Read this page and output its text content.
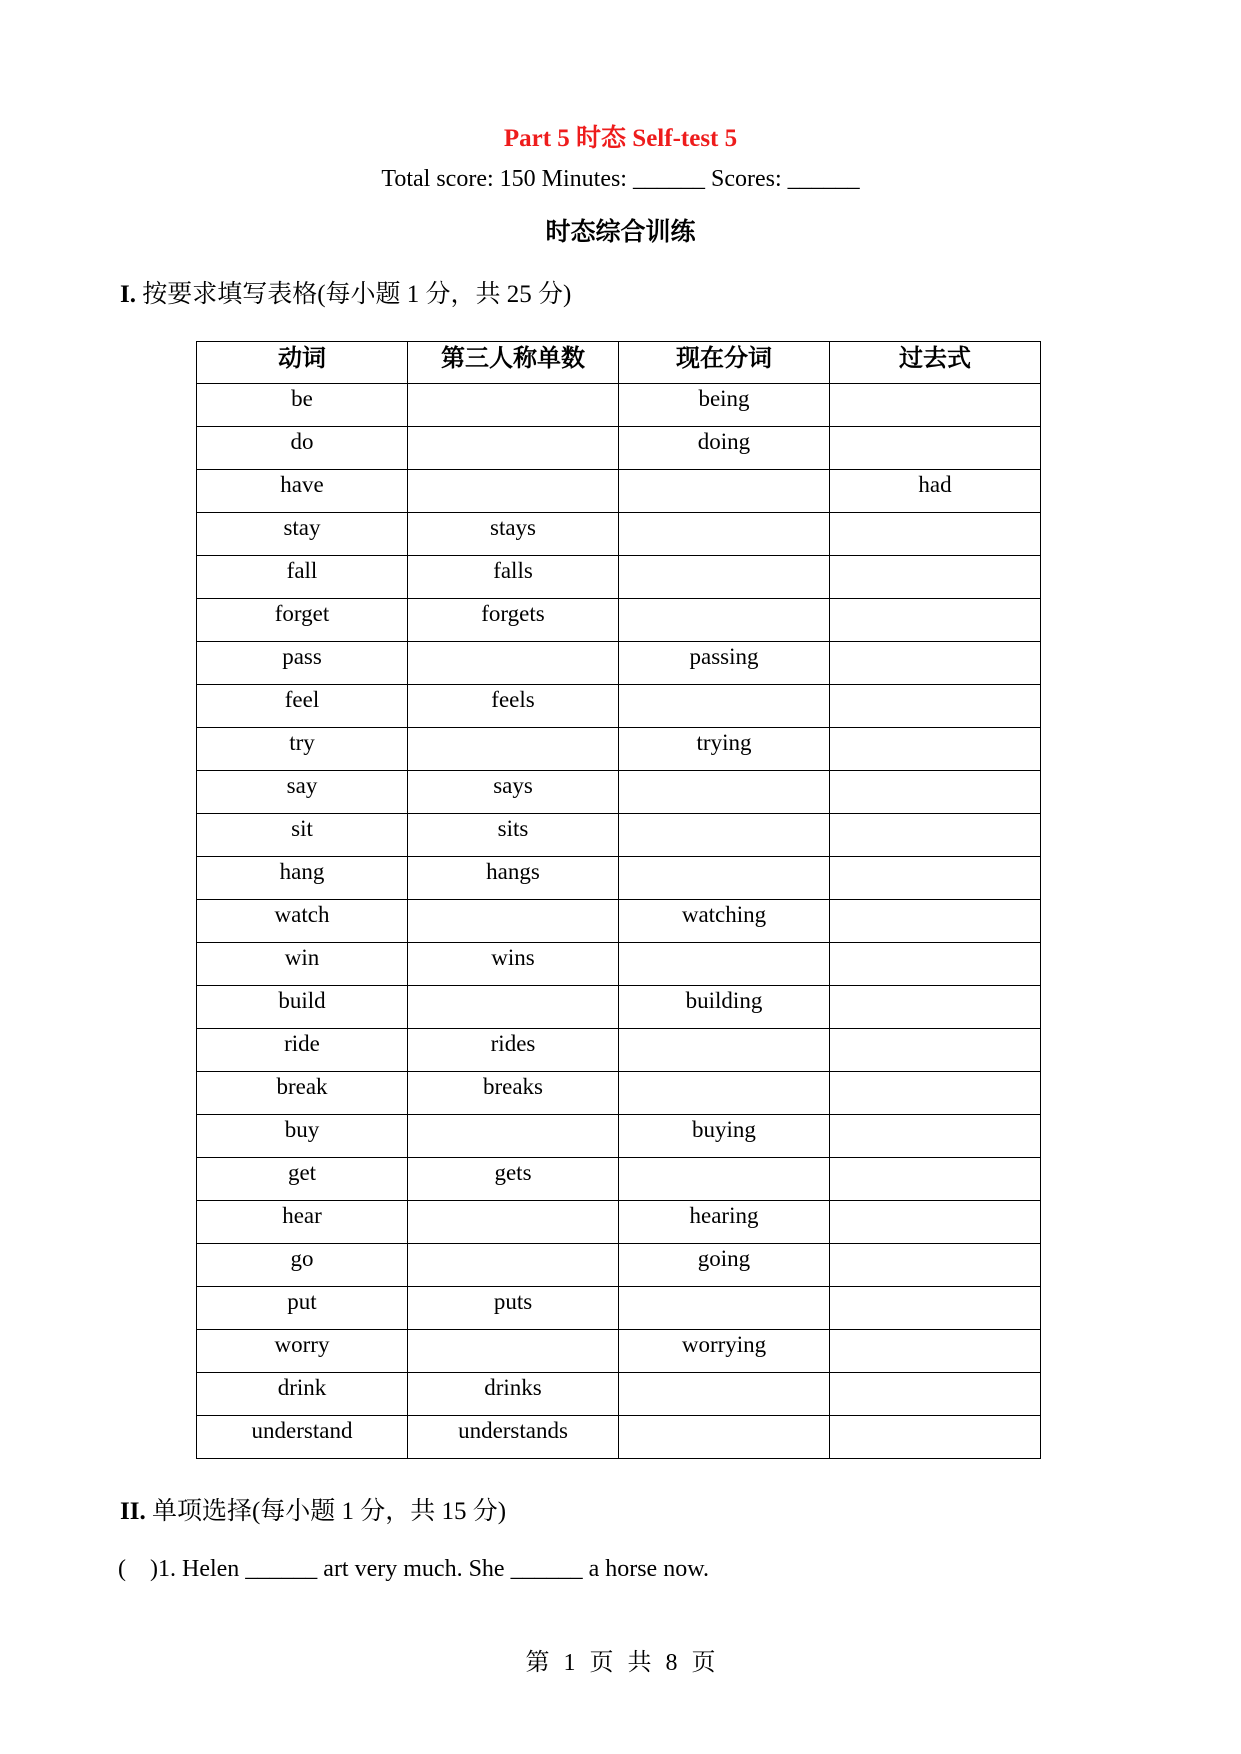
Part 5 时态 Self-test 5
Total score: 150 Minutes: ______ Scores: ______
时态综合训练
I. 按要求填写表格(每小题 1 分，共 25 分)
动词	第三人称单数	现在分词	过去式
be		being	
do		doing	
have			had
stay	stays		
fall	falls		
forget	forgets		
pass		passing	
feel	feels		
try		trying	
say	says		
sit	sits		
hang	hangs		
watch		watching	
win	wins		
build		building	
ride	rides		
break	breaks		
buy		buying	
get	gets		
hear		hearing	
go		going	
put	puts		
worry		worrying	
drink	drinks		
understand	understands		
II. 单项选择(每小题 1 分，共 15 分)
(    )1. Helen ______ art very much. She ______ a horse now.
第 1 页 共 8 页
